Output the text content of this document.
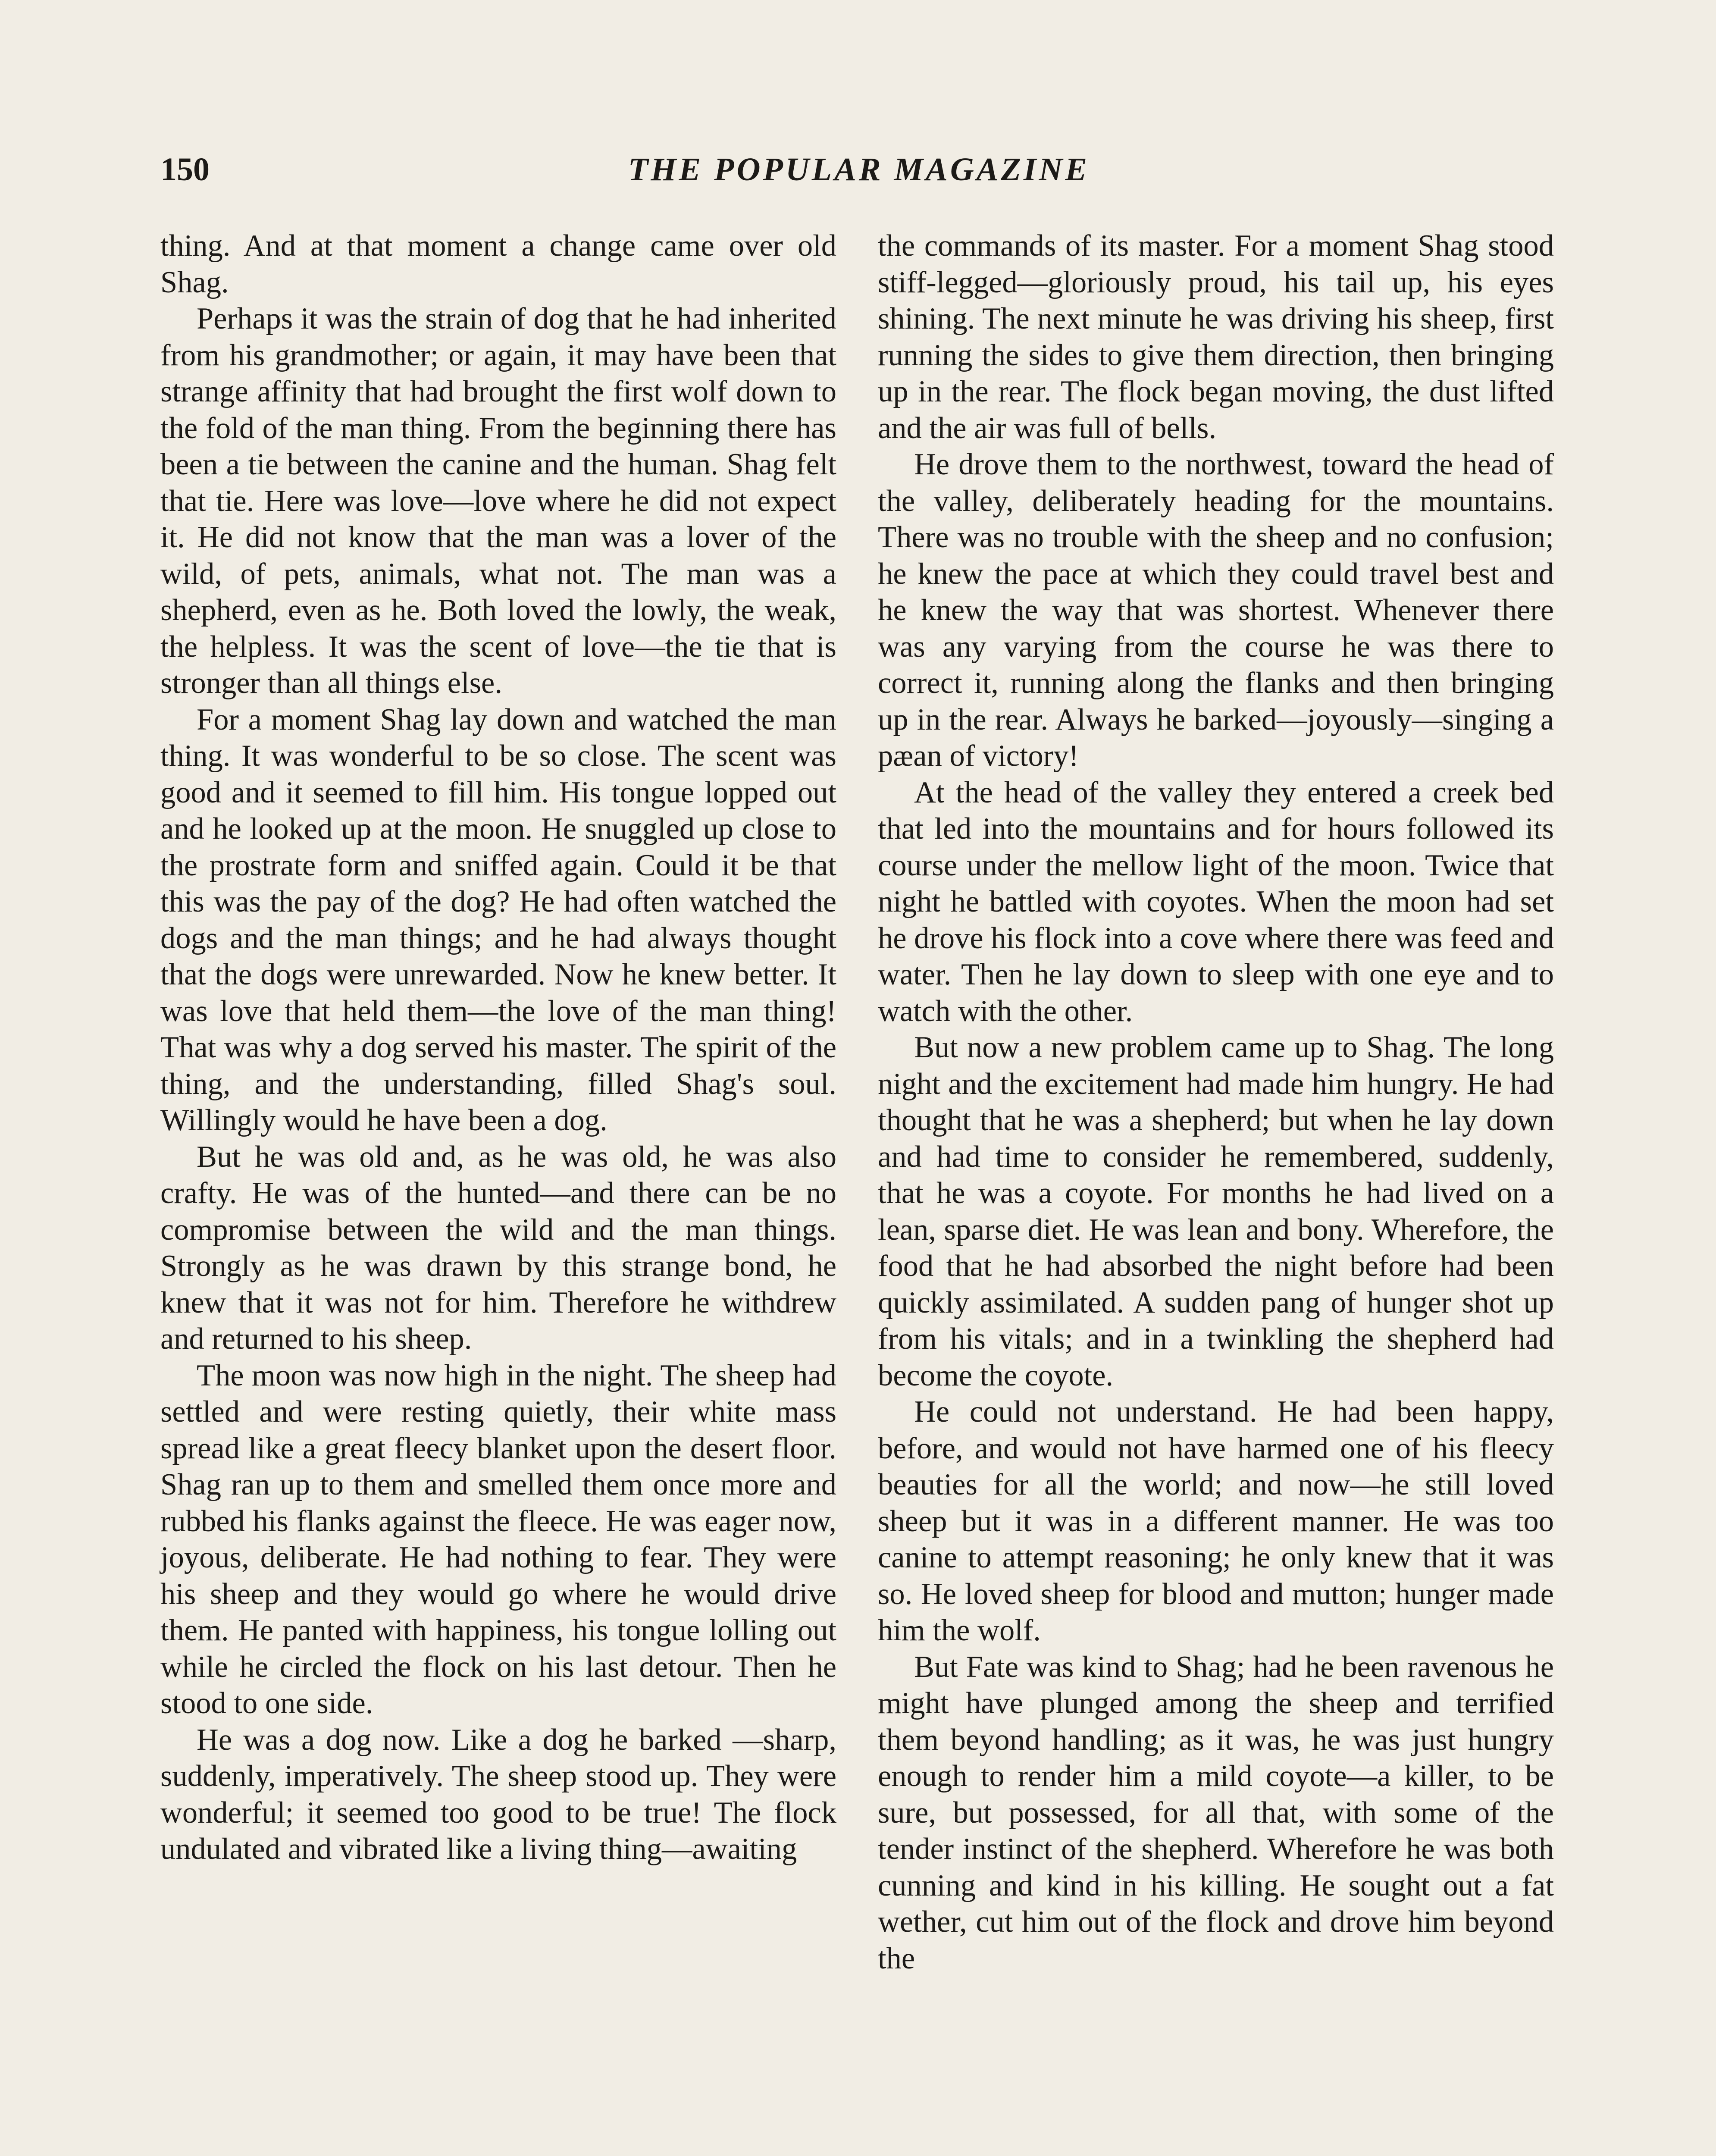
150	THE POPULAR MAGAZINE

thing. And at that moment a change came over old Shag.

Perhaps it was the strain of dog that he had inherited from his grandmother; or again, it may have been that strange affinity that had brought the first wolf down to the fold of the man thing. From the beginning there has been a tie between the canine and the human. Shag felt that tie. Here was love—love where he did not expect it. He did not know that the man was a lover of the wild, of pets, animals, what not. The man was a shepherd, even as he. Both loved the lowly, the weak, the helpless. It was the scent of love—the tie that is stronger than all things else.

For a moment Shag lay down and watched the man thing. It was wonderful to be so close. The scent was good and it seemed to fill him. His tongue lopped out and he looked up at the moon. He snuggled up close to the prostrate form and sniffed again. Could it be that this was the pay of the dog? He had often watched the dogs and the man things; and he had always thought that the dogs were unrewarded. Now he knew better. It was love that held them—the love of the man thing! That was why a dog served his master. The spirit of the thing, and the understanding, filled Shag's soul. Willingly would he have been a dog.

But he was old and, as he was old, he was also crafty. He was of the hunted—and there can be no compromise between the wild and the man things. Strongly as he was drawn by this strange bond, he knew that it was not for him. Therefore he withdrew and returned to his sheep.

The moon was now high in the night. The sheep had settled and were resting quietly, their white mass spread like a great fleecy blanket upon the desert floor. Shag ran up to them and smelled them once more and rubbed his flanks against the fleece. He was eager now, joyous, deliberate. He had nothing to fear. They were his sheep and they would go where he would drive them. He panted with happiness, his tongue lolling out while he circled the flock on his last detour. Then he stood to one side.

He was a dog now. Like a dog he barked —sharp, suddenly, imperatively. The sheep stood up. They were wonderful; it seemed too good to be true! The flock undulated and vibrated like a living thing—awaiting

the commands of its master. For a moment Shag stood stiff-legged—gloriously proud, his tail up, his eyes shining. The next minute he was driving his sheep, first running the sides to give them direction, then bringing up in the rear. The flock began moving, the dust lifted and the air was full of bells.

He drove them to the northwest, toward the head of the valley, deliberately heading for the mountains. There was no trouble with the sheep and no confusion; he knew the pace at which they could travel best and he knew the way that was shortest. Whenever there was any varying from the course he was there to correct it, running along the flanks and then bringing up in the rear. Always he barked—joyously—singing a pæan of victory!

At the head of the valley they entered a creek bed that led into the mountains and for hours followed its course under the mellow light of the moon. Twice that night he battled with coyotes. When the moon had set he drove his flock into a cove where there was feed and water. Then he lay down to sleep with one eye and to watch with the other.

But now a new problem came up to Shag. The long night and the excitement had made him hungry. He had thought that he was a shepherd; but when he lay down and had time to consider he remembered, suddenly, that he was a coyote. For months he had lived on a lean, sparse diet. He was lean and bony. Wherefore, the food that he had absorbed the night before had been quickly assimilated. A sudden pang of hunger shot up from his vitals; and in a twinkling the shepherd had become the coyote.

He could not understand. He had been happy, before, and would not have harmed one of his fleecy beauties for all the world; and now—he still loved sheep but it was in a different manner. He was too canine to attempt reasoning; he only knew that it was so. He loved sheep for blood and mutton; hunger made him the wolf.

But Fate was kind to Shag; had he been ravenous he might have plunged among the sheep and terrified them beyond handling; as it was, he was just hungry enough to render him a mild coyote—a killer, to be sure, but possessed, for all that, with some of the tender instinct of the shepherd. Wherefore he was both cunning and kind in his killing. He sought out a fat wether, cut him out of the flock and drove him beyond the
